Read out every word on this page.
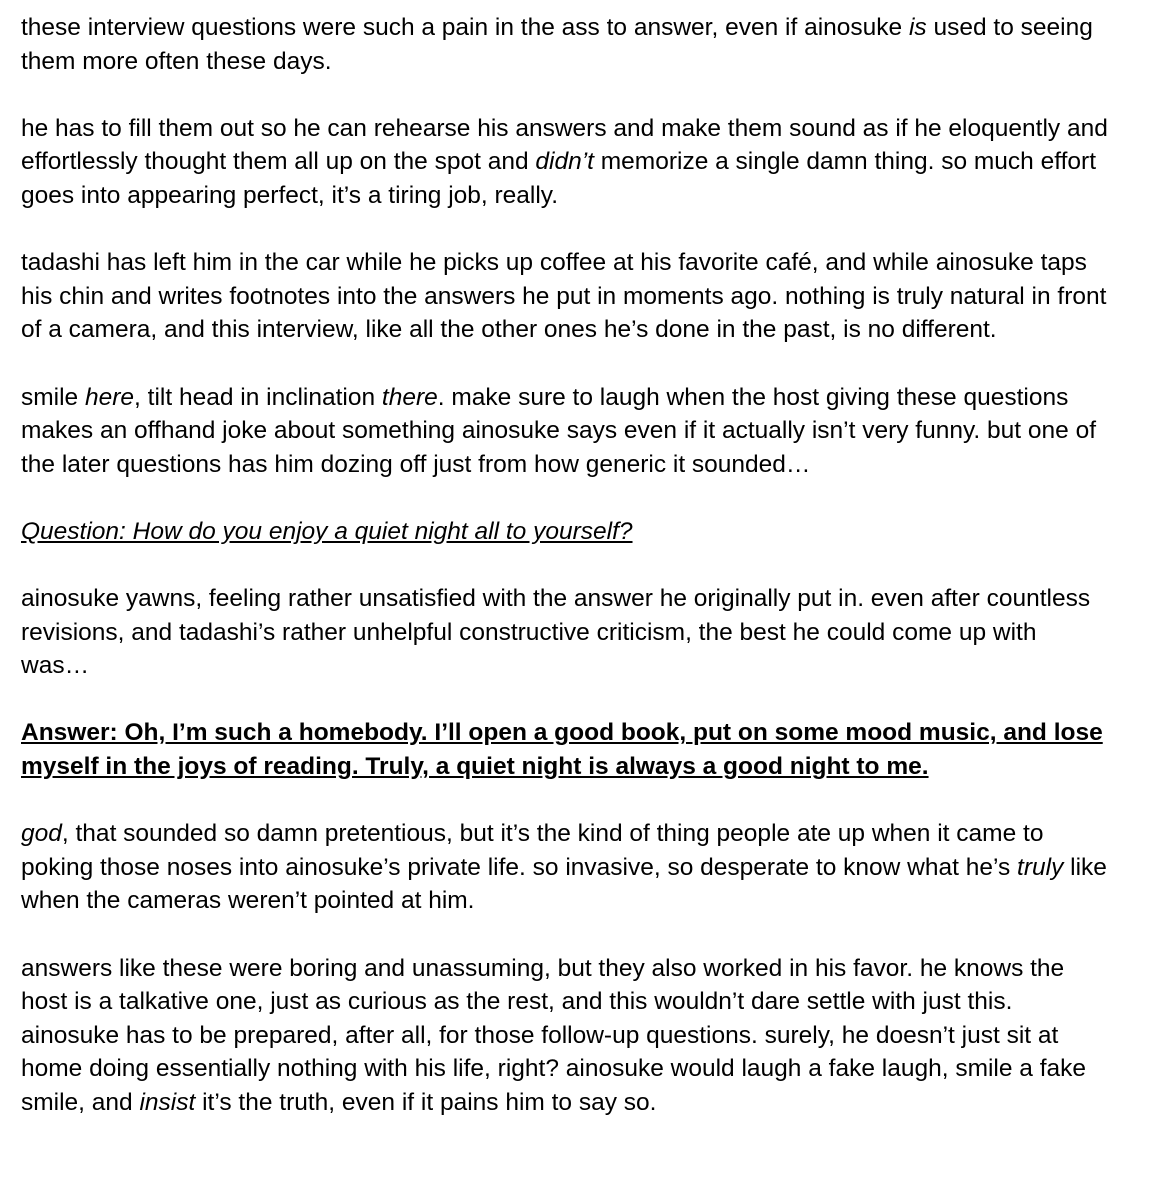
these interview questions were such a pain in the ass to answer, even if ainosuke is used to seeing them more often these days.

he has to fill them out so he can rehearse his answers and make them sound as if he eloquently and effortlessly thought them all up on the spot and didn’t memorize a single damn thing. so much effort goes into appearing perfect, it’s a tiring job, really.

tadashi has left him in the car while he picks up coffee at his favorite café, and while ainosuke taps his chin and writes footnotes into the answers he put in moments ago. nothing is truly natural in front of a camera, and this interview, like all the other ones he’s done in the past, is no different.

smile here, tilt head in inclination there. make sure to laugh when the host giving these questions makes an offhand joke about something ainosuke says even if it actually isn’t very funny. but one of the later questions has him dozing off just from how generic it sounded…

Question: How do you enjoy a quiet night all to yourself?

ainosuke yawns, feeling rather unsatisfied with the answer he originally put in. even after countless revisions, and tadashi’s rather unhelpful constructive criticism, the best he could come up with was…

Answer: Oh, I’m such a homebody. I’ll open a good book, put on some mood music, and lose myself in the joys of reading. Truly, a quiet night is always a good night to me.

god, that sounded so damn pretentious, but it’s the kind of thing people ate up when it came to poking those noses into ainosuke’s private life. so invasive, so desperate to know what he’s truly like when the cameras weren’t pointed at him.

answers like these were boring and unassuming, but they also worked in his favor. he knows the host is a talkative one, just as curious as the rest, and this wouldn’t dare settle with just this. ainosuke has to be prepared, after all, for those follow-up questions. surely, he doesn’t just sit at home doing essentially nothing with his life, right? ainosuke would laugh a fake laugh, smile a fake smile, and insist it’s the truth, even if it pains him to say so.
